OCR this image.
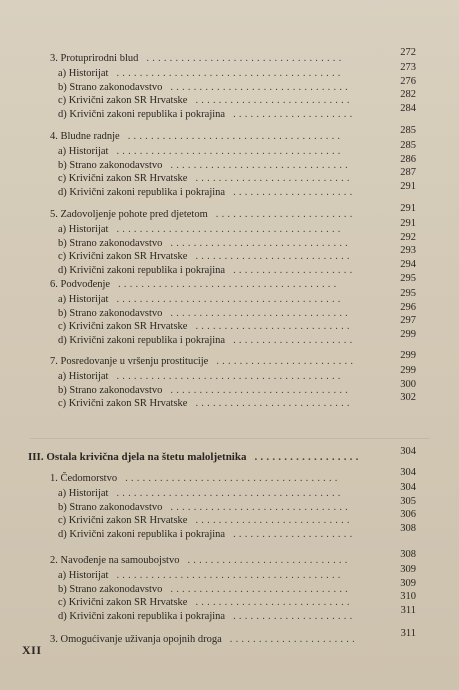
3. Protuprirodni blud ..................................
272
a) Historijat .......................................
273
b) Strano zakonodavstvo ...............................
276
c) Krivični zakon SR Hrvatske ...........................
282
d) Krivični zakoni republika i pokrajina .....................
284
4. Bludne radnje .....................................
285
a) Historijat .......................................
285
b) Strano zakonodavstvo ...............................
286
c) Krivični zakon SR Hrvatske ...........................
287
d) Krivični zakoni republika i pokrajina .....................
291
5. Zadovoljenje pohote pred djetetom ........................
291
a) Historijat .......................................
291
b) Strano zakonodavstvo ...............................
292
c) Krivični zakon SR Hrvatske ...........................
293
d) Krivični zakoni republika i pokrajina .....................
294
6. Podvođenje ......................................
295
a) Historijat .......................................
295
b) Strano zakonodavstvo ...............................
296
c) Krivični zakon SR Hrvatske ...........................
297
d) Krivični zakoni republika i pokrajina .....................
299
7. Posredovanje u vršenju prostitucije ........................
299
a) Historijat .......................................
299
b) Strano zakonodavstvo ...............................
300
c) Krivični zakon SR Hrvatske ...........................
302
III. Ostala krivična djela na štetu maloljetnika ..................	304
1. Čedomorstvo .....................................
304
a) Historijat .......................................
304
b) Strano zakonodavstvo ...............................
305
c) Krivični zakon SR Hrvatske ...........................
306
d) Krivični zakoni republika i pokrajina .....................
308
2. Navođenje na samoubojstvo ............................
308
a) Historijat .......................................
309
b) Strano zakonodavstvo ...............................
309
c) Krivični zakon SR Hrvatske ...........................
310
d) Krivični zakoni republika i pokrajina .....................
311
3. Omogućivanje uživanja opojnih droga ......................
311
XII
